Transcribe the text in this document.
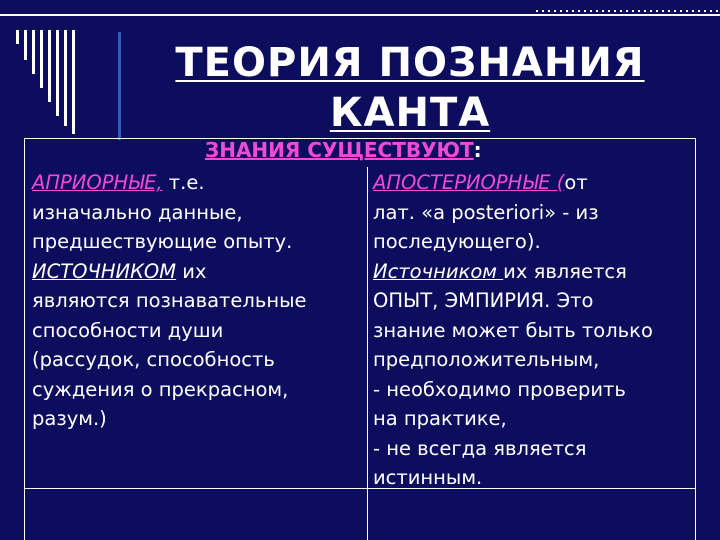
ТЕОРИЯ ПОЗНАНИЯ
КАНТА
ЗНАНИЯ СУЩЕСТВУЮТ:
АПРИОРНЫЕ, т.е.
изначально данные,
предшествующие опыту.
ИСТОЧНИКОМ их
являются познавательные
способности души
(рассудок, способность
суждения о прекрасном,
разум.)
АПОСТЕРИОРНЫЕ (от
лат. «a posteriori» - из
последующего).
Источником их является
ОПЫТ, ЭМПИРИЯ. Это
знание может быть только
предположительным,
- необходимо проверить
на практике,
- не всегда является
истинным.
